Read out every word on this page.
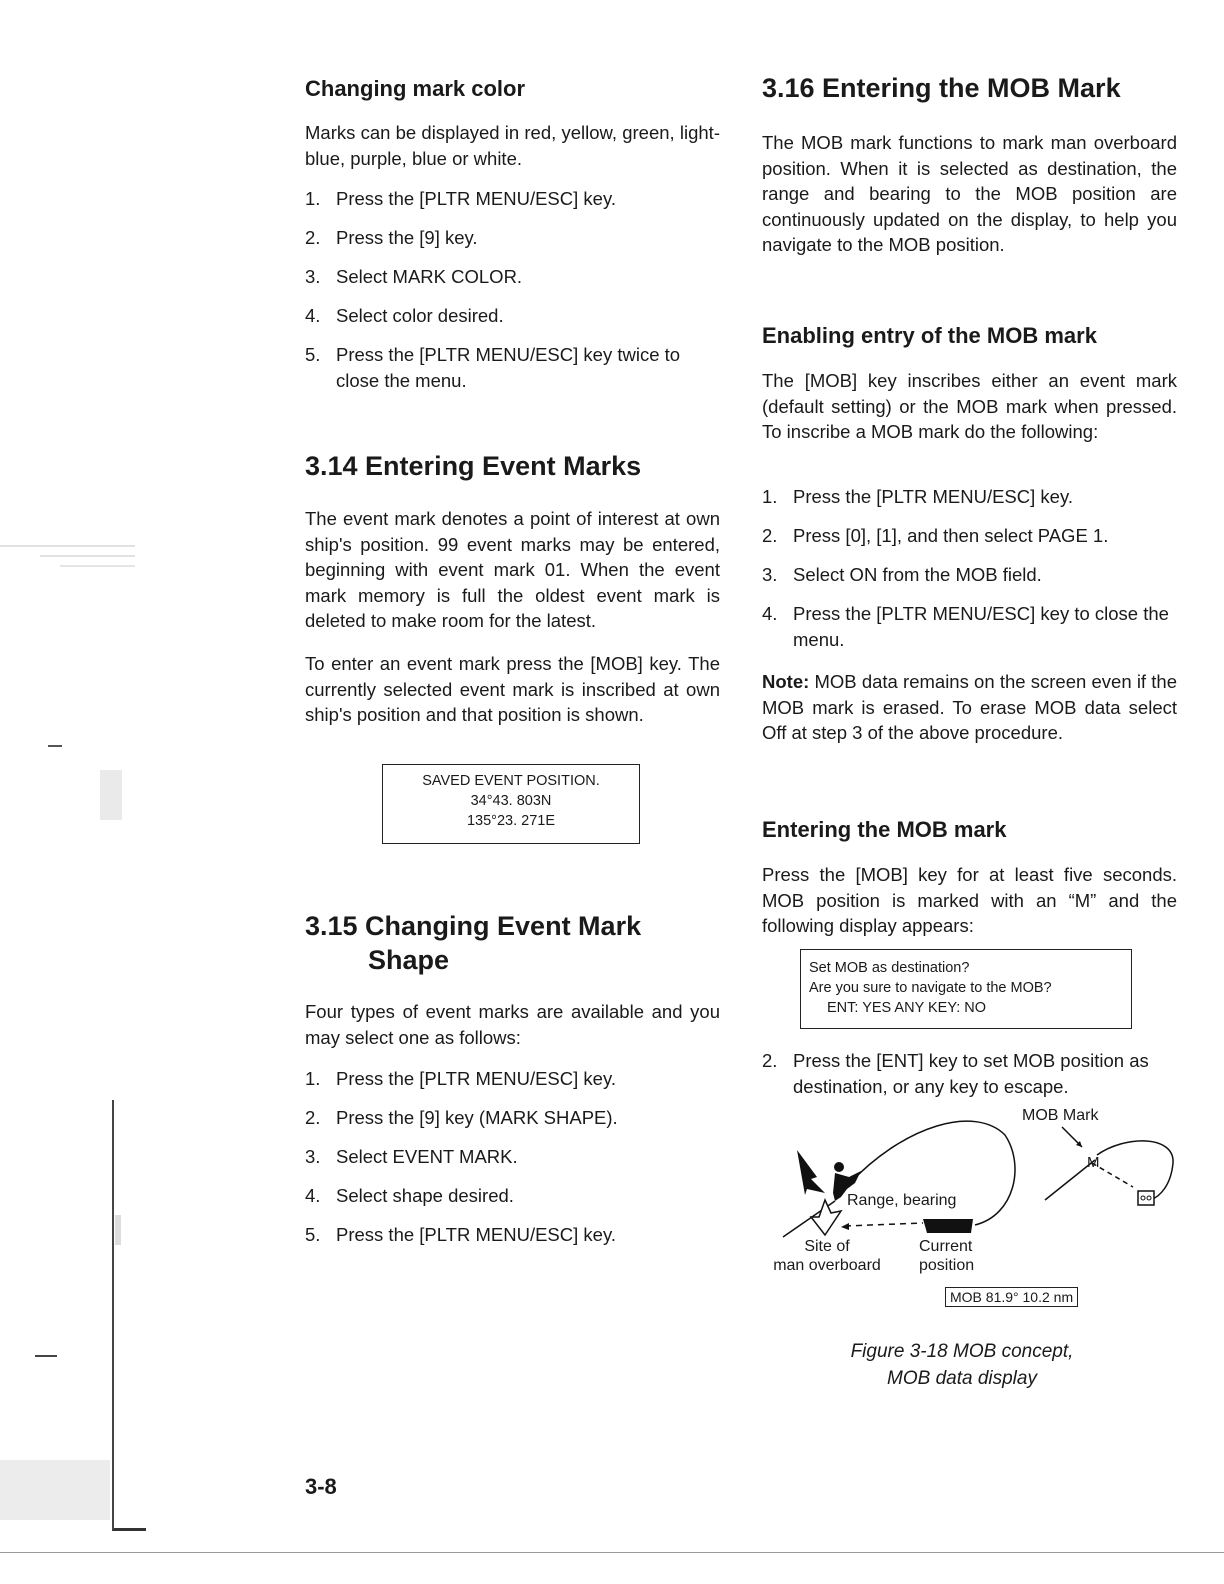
Changing mark color

Marks can be displayed in red, yellow, green, light-blue, purple, blue or white.

1. Press the [PLTR MENU/ESC] key.
2. Press the [9] key.
3. Select MARK COLOR.
4. Select color desired.
5. Press the [PLTR MENU/ESC] key twice to close the menu.
3.14 Entering Event Marks

The event mark denotes a point of interest at own ship's position. 99 event marks may be entered, beginning with event mark 01. When the event mark memory is full the oldest event mark is deleted to make room for the latest.

To enter an event mark press the [MOB] key. The currently selected event mark is inscribed at own ship's position and that position is shown.

SAVED EVENT POSITION.
34°43. 803N
135°23. 271E
3.15 Changing Event Mark
Shape

Four types of event marks are available and you may select one as follows:

1. Press the [PLTR MENU/ESC] key.
2. Press the [9] key (MARK SHAPE).
3. Select EVENT MARK.
4. Select shape desired.
5. Press the [PLTR MENU/ESC] key.
3.16 Entering the MOB Mark

The MOB mark functions to mark man overboard position. When it is selected as destination, the range and bearing to the MOB position are continuously updated on the display, to help you navigate to the MOB position.

Enabling entry of the MOB mark

The [MOB] key inscribes either an event mark (default setting) or the MOB mark when pressed. To inscribe a MOB mark do the following:

1. Press the [PLTR MENU/ESC] key.
2. Press [0], [1], and then select PAGE 1.
3. Select ON from the MOB field.
4. Press the [PLTR MENU/ESC] key to close the menu.

Note: MOB data remains on the screen even if the MOB mark is erased. To erase MOB data select Off at step 3 of the above procedure.

Entering the MOB mark

Press the [MOB] key for at least five seconds. MOB position is marked with an “M” and the following display appears:

Set MOB as destination?
Are you sure to navigate to the MOB?
ENT: YES ANY KEY: NO
2. Press the [ENT] key to set MOB position as destination, or any key to escape.
Figure 3-18 MOB concept,
MOB data display
MOB Mark
M
Range, bearing
Site of
man overboard
Current
position
MOB 81.9° 10.2 nm
3-8
